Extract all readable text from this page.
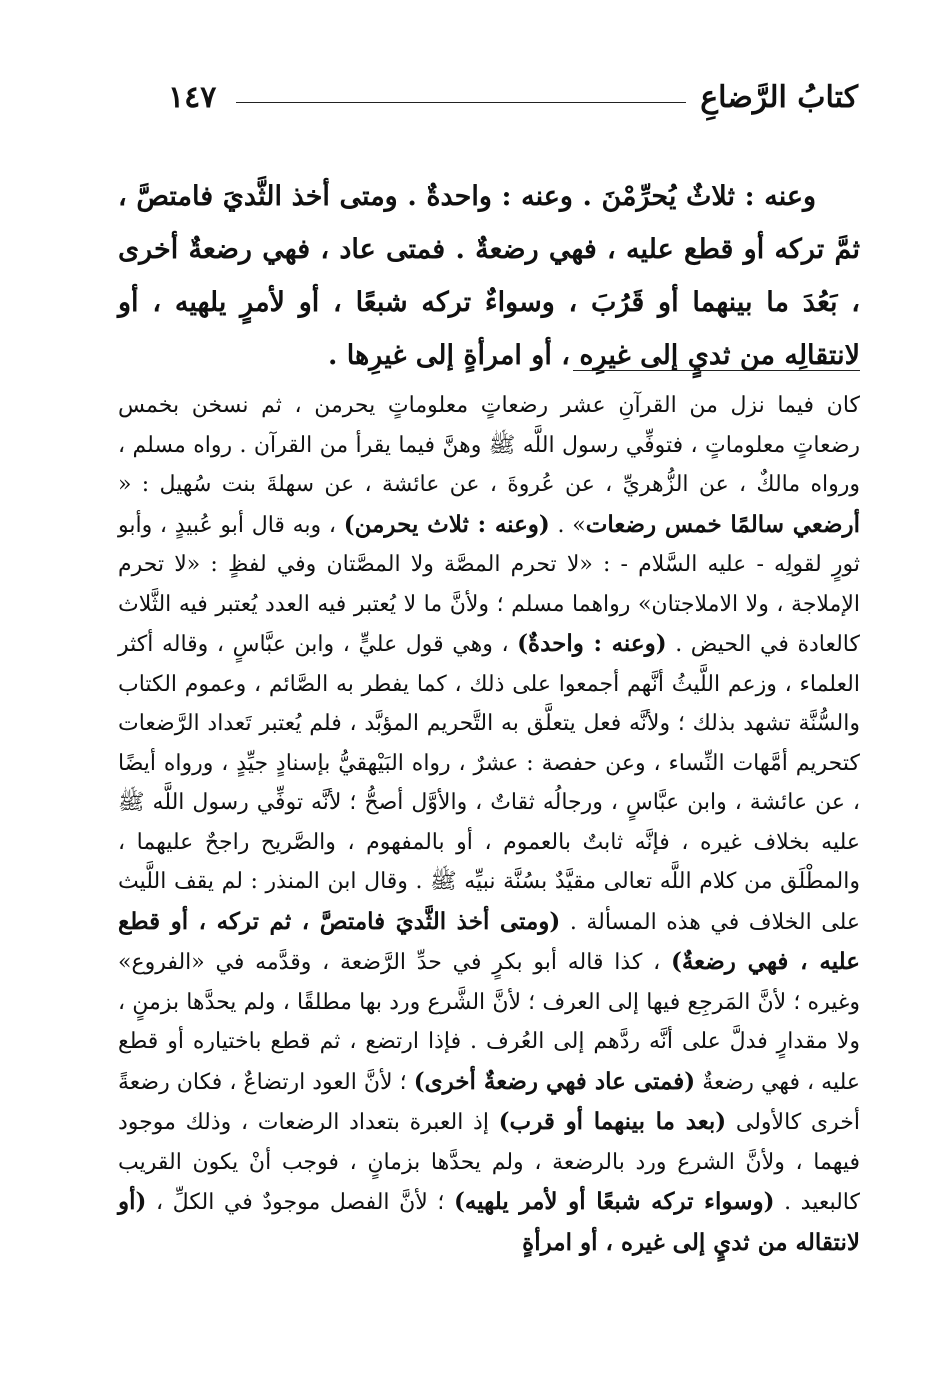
كتابُ الرَّضاعِ
١٤٧

وعنه : ثلاثٌ يُحرِّمْنَ . وعنه : واحدةٌ . ومتى أخذ الثَّديَ فامتصَّ ، ثمَّ تركه أو قطع عليه ، فهي رضعةٌ . فمتى عاد ، فهي رضعةٌ أخرى ، بَعُدَ ما بينهما أو قَرُبَ ، وسواءٌ تركه شبعًا ، أو لأمرٍ يلهيه ، أو لانتقالِه من ثديٍ إلى غيرِه ، أو امرأةٍ إلى غيرِها .

كان فيما نزل من القرآنِ عشر رضعاتٍ معلوماتٍ يحرمن ، ثم نسخن بخمس رضعاتٍ معلوماتٍ ، فتوفِّي رسول اللَّه ﷺ وهنَّ فيما يقرأ من القرآن . رواه مسلم ، ورواه مالكٌ ، عن الزُّهريِّ ، عن عُروةَ ، عن عائشة ، عن سهلةَ بنت سُهيل : « أرضعي سالمًا خمس رضعات» . (وعنه : ثلاث يحرمن) ، وبه قال أبو عُبيدٍ ، وأبو ثورٍ لقولِه - عليه السَّلام - : «لا تحرم المصَّة ولا المصَّتان وفي لفظٍ : «لا تحرم الإملاجة ، ولا الاملاجتان» رواهما مسلم ؛ ولأنَّ ما لا يُعتبر فيه العدد يُعتبر فيه الثَّلاث كالعادة في الحيض . (وعنه : واحدةٌ) ، وهي قول عليٍّ ، وابن عبَّاسٍ ، وقاله أكثر العلماء ، وزعم اللَّيثُ أنَّهم أجمعوا على ذلك ، كما يفطر به الصَّائم ، وعموم الكتاب والسُّنَّة تشهد بذلك ؛ ولأنَّه فعل يتعلَّق به التَّحريم المؤبَّد ، فلم يُعتبر تَعداد الرَّضعات كتحريم أمَّهات النِّساء ، وعن حفصة : عشرٌ ، رواه البَيْهقيُّ بإسنادٍ جيِّدٍ ، ورواه أيضًا ، عن عائشة ، وابن عبَّاسٍ ، ورجالُه ثقاتٌ ، والأوَّل أصحُّ ؛ لأنَّه توفِّي رسول اللَّه ﷺ عليه بخلاف غيره ، فإنَّه ثابتٌ بالعموم ، أو بالمفهوم ، والصَّريح راجحٌ عليهما ، والمطْلَق من كلام اللَّه تعالى مقيَّدٌ بسُنَّة نبيِّه ﷺ . وقال ابن المنذر : لم يقف اللَّيث على الخلاف في هذه المسألة . (ومتى أخذ الثَّديَ فامتصَّ ، ثم تركه ، أو قطع عليه ، فهي رضعةٌ) ، كذا قاله أبو بكرٍ في حدِّ الرَّضعة ، وقدَّمه في «الفروع» وغيره ؛ لأنَّ المَرجِع فيها إلى العرف ؛ لأنَّ الشَّرع ورد بها مطلقًا ، ولم يحدَّها بزمنٍ ، ولا مقدارٍ فدلَّ على أنَّه ردَّهم إلى العُرف . فإذا ارتضع ، ثم قطع باختياره أو قطع عليه ، فهي رضعةٌ (فمتى عاد فهي رضعةٌ أخرى) ؛ لأنَّ العود ارتضاعٌ ، فكان رضعةً أخرى كالأولى (بعد ما بينهما أو قرب) إذ العبرة بتعداد الرضعات ، وذلك موجود فيهما ، ولأنَّ الشرع ورد بالرضعة ، ولم يحدَّها بزمانٍ ، فوجب أنْ يكون القريب كالبعيد . (وسواء تركه شبعًا أو لأمر يلهيه) ؛ لأنَّ الفصل موجودٌ في الكلِّ ، (أو لانتقاله من ثديٍ إلى غيره ، أو امرأةٍ
